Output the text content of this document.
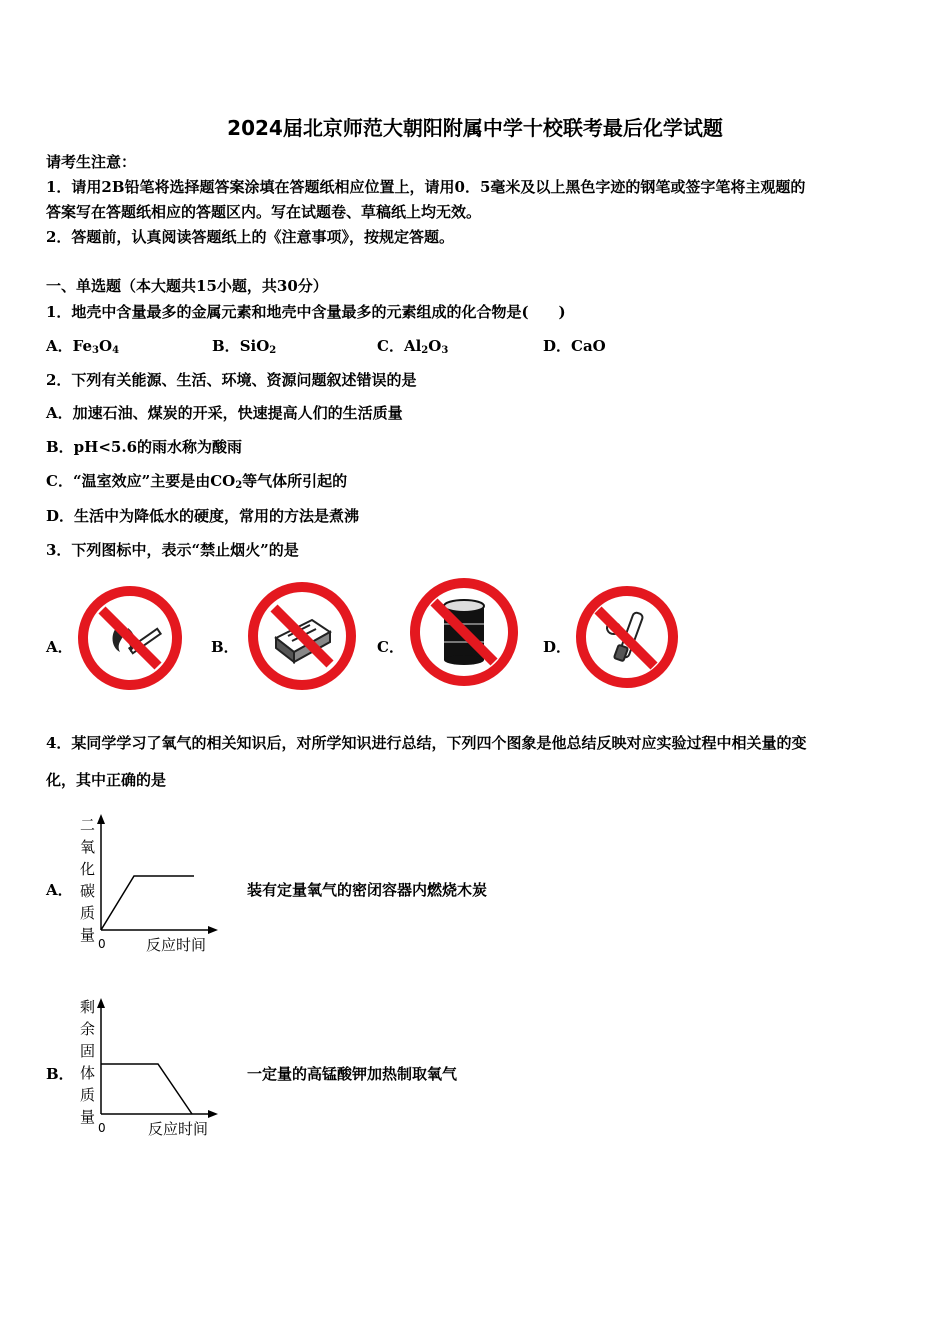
2024届北京师范大朝阳附属中学十校联考最后化学试题
请考生注意：
1．请用2B铅笔将选择题答案涂填在答题纸相应位置上，请用0．5毫米及以上黑色字迹的钢笔或签字笔将主观题的
答案写在答题纸相应的答题区内。写在试题卷、草稿纸上均无效。
2．答题前，认真阅读答题纸上的《注意事项》，按规定答题。
一、单选题（本大题共15小题，共30分）
1．地壳中含量最多的金属元素和地壳中含量最多的元素组成的化合物是(　　)
A．$Fe_3O_4$	B．SiO$_2$	C．$Al_2O_3$	D．CaO
2．下列有关能源、生活、环境、资源问题叙述错误的是
A．加速石油、煤炭的开采，快速提高人们的生活质量
B．pH<5.6的雨水称为酸雨
C．“温室效应”主要是由$CO_2$等气体所引起的
D．生活中为降低水的硬度，常用的方法是煮沸
3．下列图标中，表示“禁止烟火”的是
A．	B．	C．	D．
4．某同学学习了氧气的相关知识后，对所学知识进行总结，下列四个图象是他总结反映对应实验过程中相关量的变
化，其中正确的是
A．
二
氧
化
碳
质
量 0	反应时间
装有定量氧气的密闭容器内燃烧木炭
B．
剩
余
固
体
质
量
0	反应时间
一定量的高锰酸钾加热制取氧气
